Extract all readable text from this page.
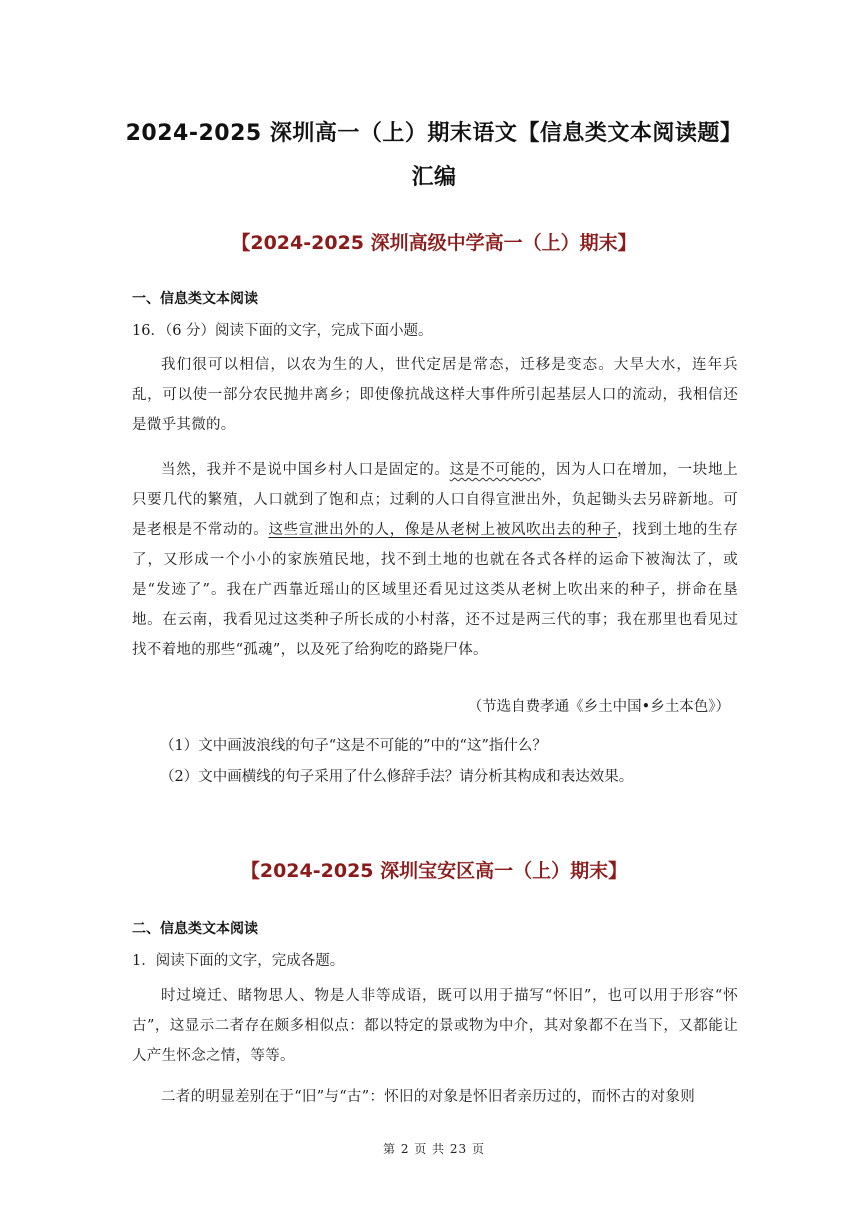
2024-2025 深圳高一（上）期末语文【信息类文本阅读题】
汇编
【2024-2025 深圳高级中学高一（上）期末】
一、信息类文本阅读
16．（6 分）阅读下面的文字，完成下面小题。
我们很可以相信，以农为生的人，世代定居是常态，迁移是变态。大旱大水，连年兵乱，可以使一部分农民抛井离乡；即使像抗战这样大事件所引起基层人口的流动，我相信还是微乎其微的。
当然，我并不是说中国乡村人口是固定的。这是不可能的，因为人口在增加，一块地上只要几代的繁殖，人口就到了饱和点；过剩的人口自得宣泄出外，负起锄头去另辟新地。可是老根是不常动的。这些宣泄出外的人，像是从老树上被风吹出去的种子，找到土地的生存了，又形成一个小小的家族殖民地，找不到土地的也就在各式各样的运命下被淘汰了，或是“发迹了”。我在广西靠近瑶山的区域里还看见过这类从老树上吹出来的种子，拼命在垦地。在云南，我看见过这类种子所长成的小村落，还不过是两三代的事；我在那里也看见过找不着地的那些“孤魂”，以及死了给狗吃的路毙尸体。
（节选自费孝通《乡土中国•乡土本色》）
（1）文中画波浪线的句子“这是不可能的”中的“这”指什么？
（2）文中画横线的句子采用了什么修辞手法？请分析其构成和表达效果。
【2024-2025 深圳宝安区高一（上）期末】
二、信息类文本阅读
1．阅读下面的文字，完成各题。
时过境迁、睹物思人、物是人非等成语，既可以用于描写“怀旧”，也可以用于形容“怀古”，这显示二者存在颇多相似点：都以特定的景或物为中介，其对象都不在当下，又都能让人产生怀念之情，等等。
二者的明显差别在于“旧”与“古”：怀旧的对象是怀旧者亲历过的，而怀古的对象则
第 2 页 共 23 页
